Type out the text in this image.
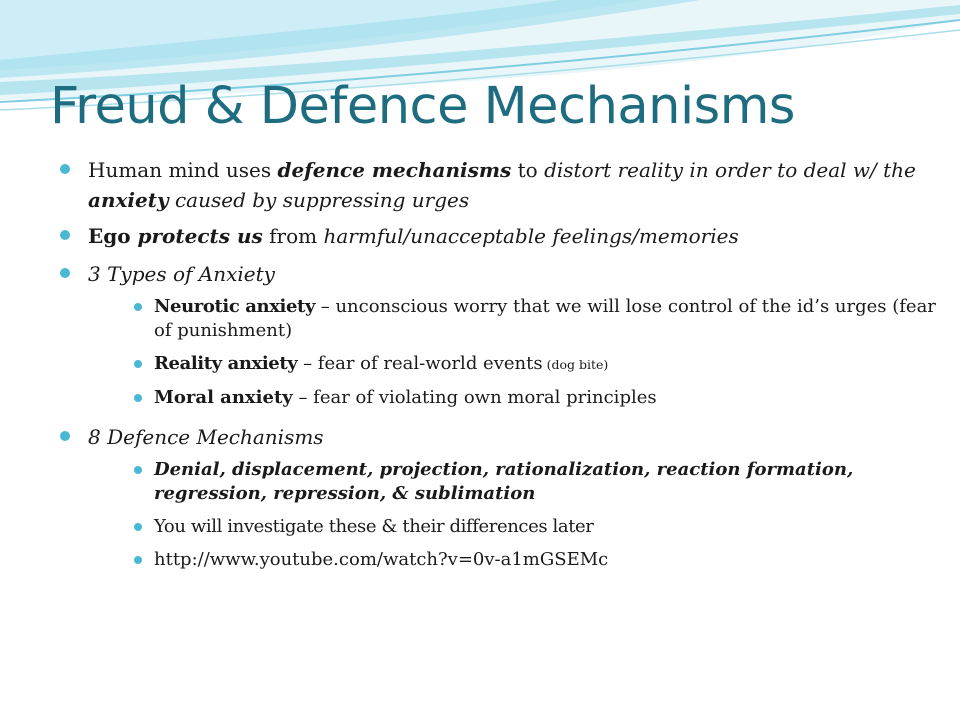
Freud & Defence Mechanisms
Human mind uses defence mechanisms to distort reality in order to deal w/ the anxiety caused by suppressing urges
Ego protects us from harmful/unacceptable feelings/memories
3 Types of Anxiety
Neurotic anxiety – unconscious worry that we will lose control of the id’s urges (fear of punishment)
Reality anxiety – fear of real-world events (dog bite)
Moral anxiety – fear of violating own moral principles
8 Defence Mechanisms
Denial, displacement, projection, rationalization, reaction formation, regression, repression, & sublimation
You will investigate these & their differences later
http://www.youtube.com/watch?v=0v-a1mGSEMc
